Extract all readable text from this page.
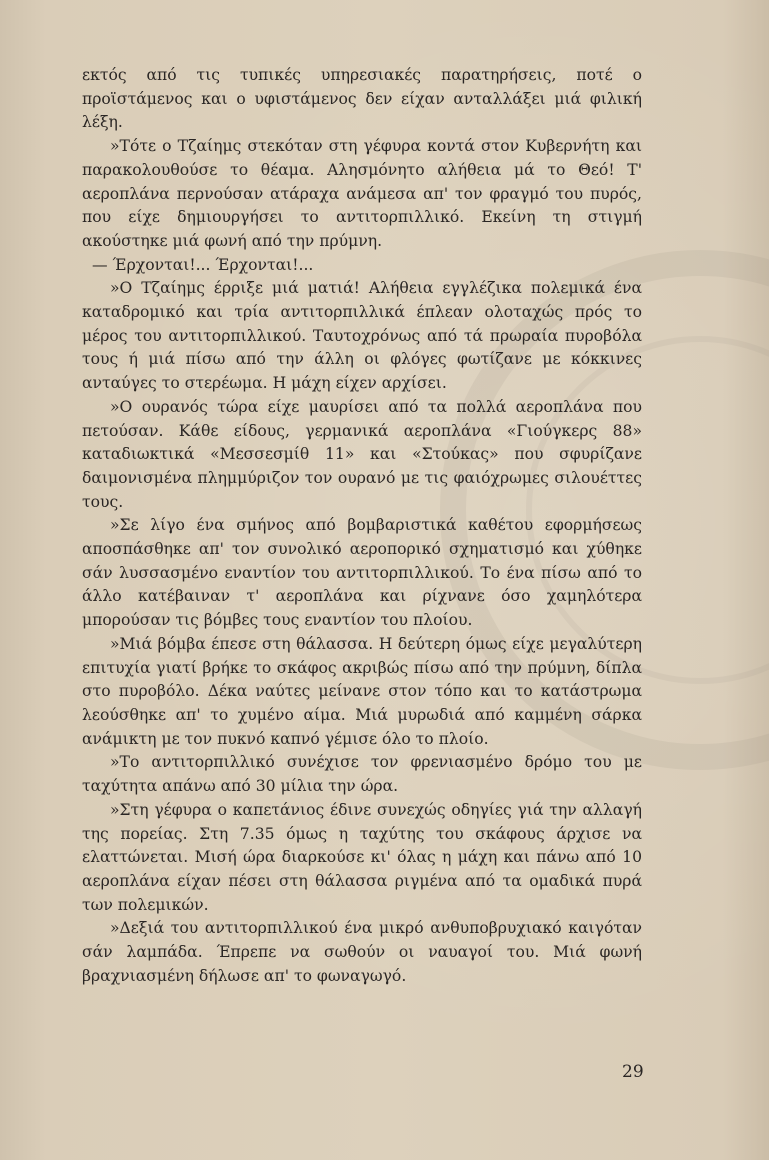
εκτός από τις τυπικές υπηρεσιακές παρατηρήσεις, ποτέ ο προϊστάμενος και ο υφιστάμενος δεν είχαν ανταλλάξει μιά φιλική λέξη.

»Τότε ο Τζαίημς στεκόταν στη γέφυρα κοντά στον Κυβερνήτη και παρακολουθούσε το θέαμα. Αλησμόνητο αλήθεια μά το Θεό! Τ' αεροπλάνα περνούσαν ατάραχα ανάμεσα απ' τον φραγμό του πυρός, που είχε δημιουργήσει το αντιτορπιλλικό. Εκείνη τη στιγμή ακούστηκε μιά φωνή από την πρύμνη.

— Έρχονται!... Έρχονται!...

»Ο Τζαίημς έρριξε μιά ματιά! Αλήθεια εγγλέζικα πολεμικά ένα καταδρομικό και τρία αντιτορπιλλικά έπλεαν ολοταχώς πρός το μέρος του αντιτορπιλλικού. Ταυτοχρόνως από τά πρωραία πυροβόλα τους ή μιά πίσω από την άλλη οι φλόγες φωτίζανε με κόκκινες ανταύγες το στερέωμα. Η μάχη είχεν αρχίσει.

»Ο ουρανός τώρα είχε μαυρίσει από τα πολλά αεροπλάνα που πετούσαν. Κάθε είδους, γερμανικά αεροπλάνα «Γιούγκερς 88» καταδιωκτικά «Μεσσεσμίθ 11» και «Στούκας» που σφυρίζανε δαιμονισμένα πλημμύριζον τον ουρανό με τις φαιόχρωμες σιλουέττες τους.

»Σε λίγο ένα σμήνος από βομβαριστικά καθέτου εφορμήσεως αποσπάσθηκε απ' τον συνολικό αεροπορικό σχηματισμό και χύθηκε σάν λυσσασμένο εναντίον του αντιτορπιλλικού. Το ένα πίσω από το άλλο κατέβαιναν τ' αεροπλάνα και ρίχνανε όσο χαμηλότερα μπορούσαν τις βόμβες τους εναντίον του πλοίου.

»Μιά βόμβα έπεσε στη θάλασσα. Η δεύτερη όμως είχε μεγαλύτερη επιτυχία γιατί βρήκε το σκάφος ακριβώς πίσω από την πρύμνη, δίπλα στο πυροβόλο. Δέκα ναύτες μείνανε στον τόπο και το κατάστρωμα λεούσθηκε απ' το χυμένο αίμα. Μιά μυρωδιά από καμμένη σάρκα ανάμικτη με τον πυκνό καπνό γέμισε όλο το πλοίο.

»Το αντιτορπιλλικό συνέχισε τον φρενιασμένο δρόμο του με ταχύτητα απάνω από 30 μίλια την ώρα.

»Στη γέφυρα ο καπετάνιος έδινε συνεχώς οδηγίες γιά την αλλαγή της πορείας. Στη 7.35 όμως η ταχύτης του σκάφους άρχισε να ελαττώνεται. Μισή ώρα διαρκούσε κι' όλας η μάχη και πάνω από 10 αεροπλάνα είχαν πέσει στη θάλασσα ριγμένα από τα ομαδικά πυρά των πολεμικών.

»Δεξιά του αντιτορπιλλικού ένα μικρό ανθυποβρυχιακό καιγόταν σάν λαμπάδα. Έπρεπε να σωθούν οι ναυαγοί του. Μιά φωνή βραχνιασμένη δήλωσε απ' το φωναγωγό.

29
